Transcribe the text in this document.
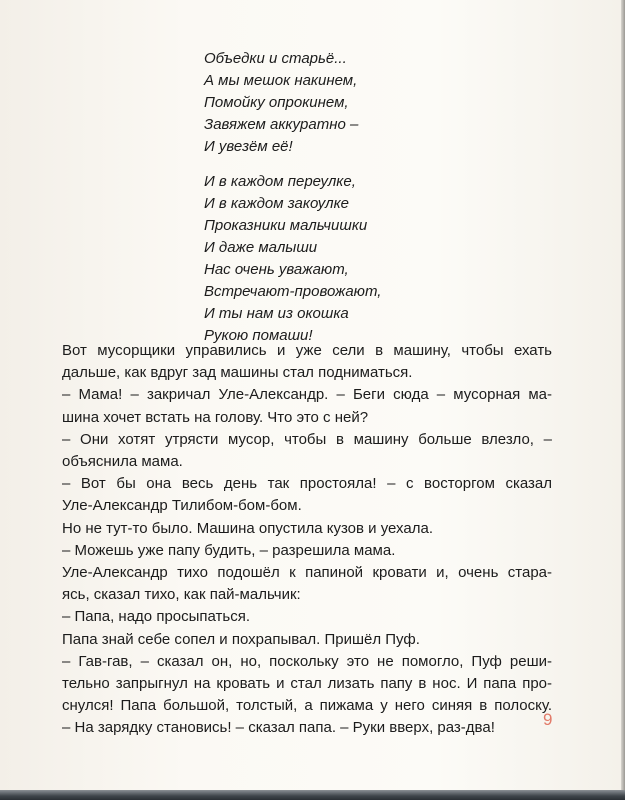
Объедки и старьё...
А мы мешок накинем,
Помойку опрокинем,
Завяжем аккуратно –
И увезём её!

И в каждом переулке,
И в каждом закоулке
Проказники мальчишки
И даже малыши
Нас очень уважают,
Встречают-провожают,
И ты нам из окошка
Рукою помаши!

Вот мусорщики управились и уже сели в машину, чтобы ехать
дальше, как вдруг зад машины стал подниматься.

– Мама! – закричал Уле-Александр. – Беги сюда – мусорная ма-
шина хочет встать на голову. Что это с ней?

– Они хотят утрясти мусор, чтобы в машину больше влезло, –
объяснила мама.

– Вот бы она весь день так простояла! – с восторгом сказал
Уле-Александр Тилибом-бом-бом.

Но не тут-то было. Машина опустила кузов и уехала.

– Можешь уже папу будить, – разрешила мама.

Уле-Александр тихо подошёл к папиной кровати и, очень стара-
ясь, сказал тихо, как пай-мальчик:

– Папа, надо просыпаться.

Папа знай себе сопел и похрапывал. Пришёл Пуф.

– Гав-гав, – сказал он, но, поскольку это не помогло, Пуф реши-
тельно запрыгнул на кровать и стал лизать папу в нос. И папа про-
снулся! Папа большой, толстый, а пижама у него синяя в полоску.

– На зарядку становись! – сказал папа. – Руки вверх, раз-два!	9
